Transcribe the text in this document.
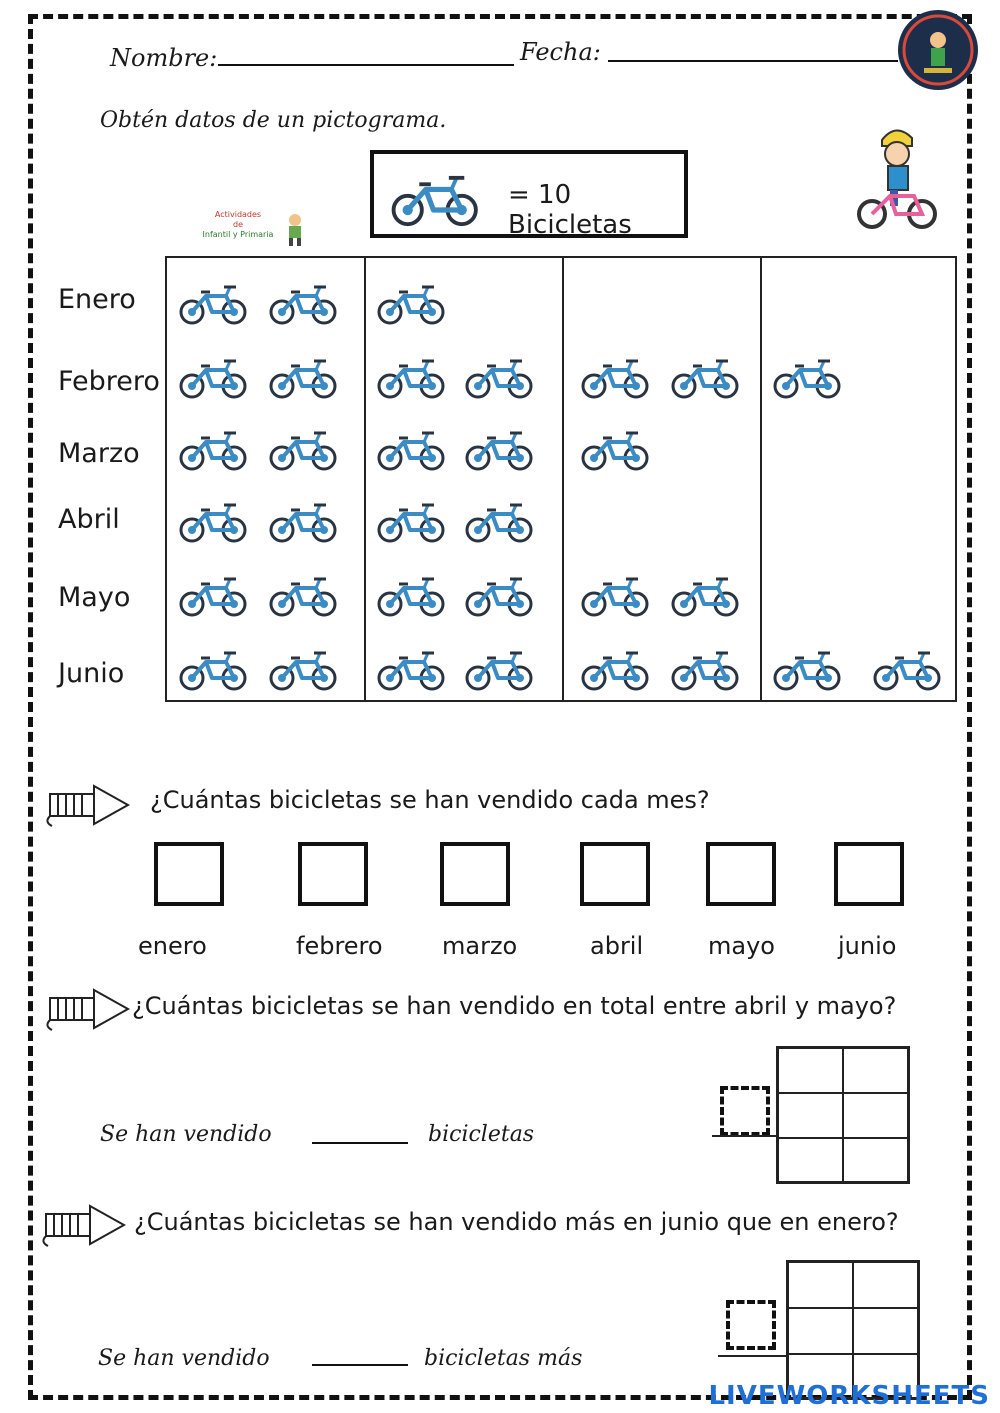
Nombre:	Fecha:
Obtén datos de un pictograma.
Actividades
de
Infantil y Primaria
= 10 Bicicletas
Enero
Febrero
Marzo
Abril
Mayo
Junio
¿Cuántas bicicletas se han vendido cada mes?
enero	febrero marzo	abril	mayo	junio
¿Cuántas bicicletas se han vendido en total entre abril y mayo?
Se han vendido	bicicletas
¿Cuántas bicicletas se han vendido más en junio que en enero?
Se han vendido	bicicletas más
LIVEWORKSHEETS
